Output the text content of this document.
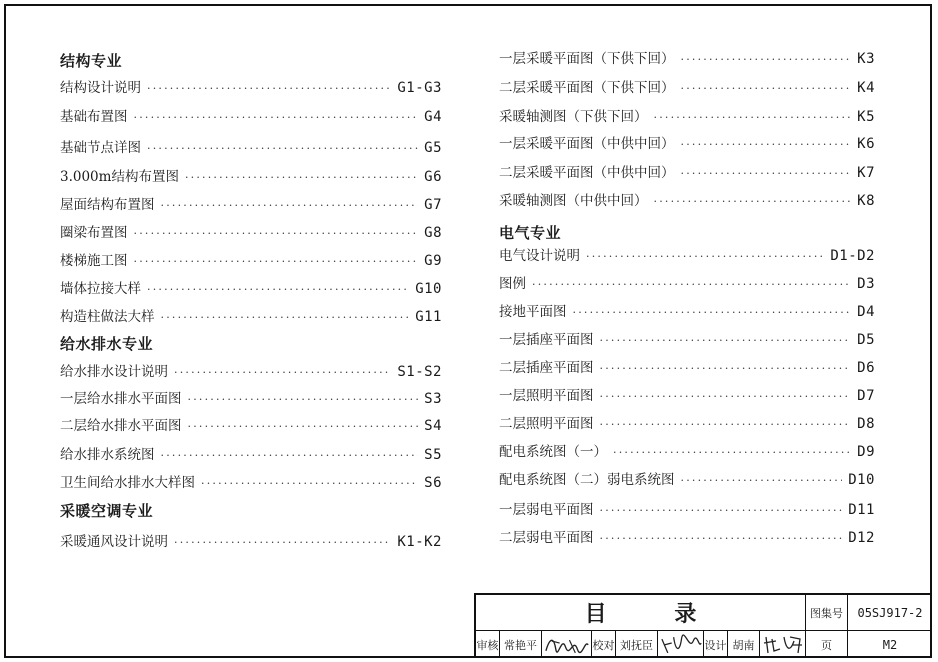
结构专业
结构设计说明 ·····	G1-G3
基础布置图 ·····	G4
基础节点详图 ·····	G5
3.000m结构布置图 ·····	G6
屋面结构布置图 ·····	G7
圈梁布置图 ·····	G8
楼梯施工图 ·····	G9
墙体拉接大样 ·····	G10
构造柱做法大样 ·····	G11
给水排水专业
给水排水设计说明 ·····	S1-S2
一层给水排水平面图 ·····	S3
二层给水排水平面图 ·····	S4
给水排水系统图 ·····	S5
卫生间给水排水大样图 ·····	S6
采暖空调专业
采暖通风设计说明 ·····	K1-K2
一层采暖平面图（下供下回） ·····	K3
二层采暖平面图（下供下回） ·····	K4
采暖轴测图（下供下回） ·····	K5
一层采暖平面图（中供中回） ·····	K6
二层采暖平面图（中供中回） ·····	K7
采暖轴测图（中供中回） ·····	K8
电气专业
电气设计说明 ·····	D1-D2
图例 ·····	D3
接地平面图 ·····	D4
一层插座平面图 ·····	D5
二层插座平面图 ·····	D6
一层照明平面图 ·····	D7
二层照明平面图 ·····	D8
配电系统图（一） ·····	D9
配电系统图（二）弱电系统图 ·····	D10
一层弱电平面图 ·····	D11
二层弱电平面图 ·····	D12
目 录	图集号	05SJ917-2
页	M2
审核 常艳平	校对 刘抚臣	设计 胡南
